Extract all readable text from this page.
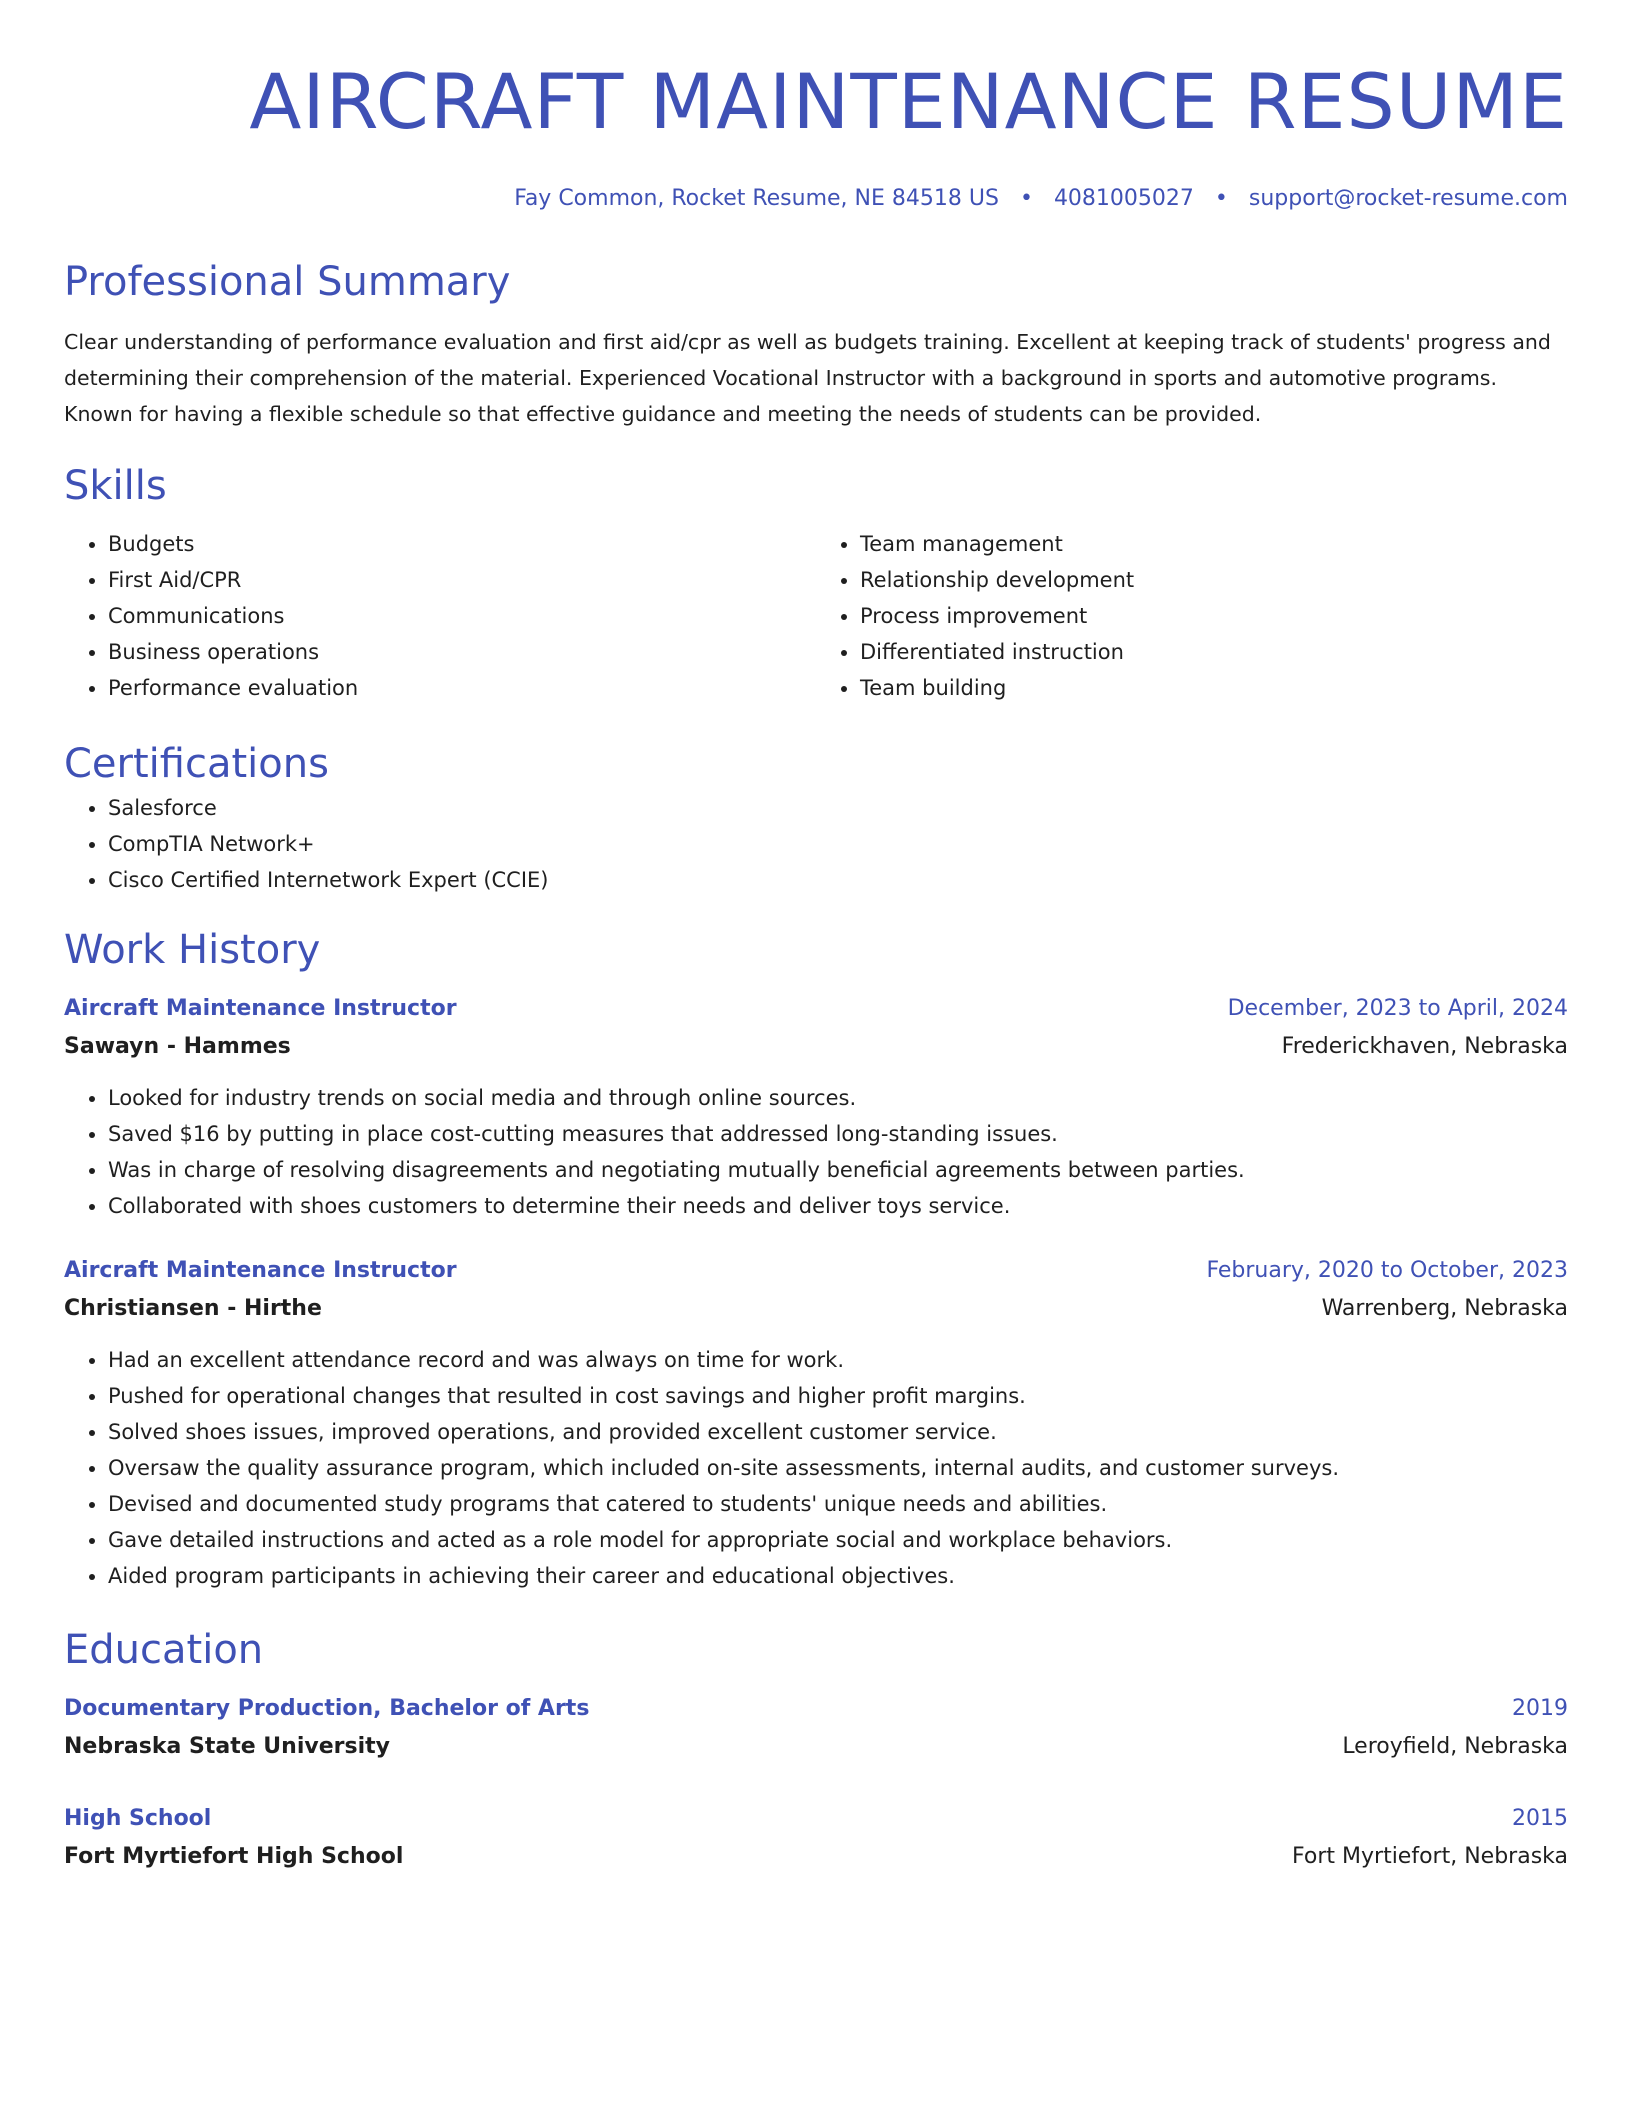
AIRCRAFT MAINTENANCE RESUME
Fay Common, Rocket Resume, NE 84518 US • 4081005027 • support@rocket-resume.com
Professional Summary
Clear understanding of performance evaluation and first aid/cpr as well as budgets training. Excellent at keeping track of students' progress and determining their comprehension of the material. Experienced Vocational Instructor with a background in sports and automotive programs. Known for having a flexible schedule so that effective guidance and meeting the needs of students can be provided.
Skills
• Budgets
• First Aid/CPR
• Communications
• Business operations
• Performance evaluation
• Team management
• Relationship development
• Process improvement
• Differentiated instruction
• Team building
Certifications
• Salesforce
• CompTIA Network+
• Cisco Certified Internetwork Expert (CCIE)
Work History
Aircraft Maintenance Instructor	December, 2023 to April, 2024
Sawayn - Hammes	Frederickhaven, Nebraska
• Looked for industry trends on social media and through online sources.
• Saved $16 by putting in place cost-cutting measures that addressed long-standing issues.
• Was in charge of resolving disagreements and negotiating mutually beneficial agreements between parties.
• Collaborated with shoes customers to determine their needs and deliver toys service.
Aircraft Maintenance Instructor	February, 2020 to October, 2023
Christiansen - Hirthe	Warrenberg, Nebraska
• Had an excellent attendance record and was always on time for work.
• Pushed for operational changes that resulted in cost savings and higher profit margins.
• Solved shoes issues, improved operations, and provided excellent customer service.
• Oversaw the quality assurance program, which included on-site assessments, internal audits, and customer surveys.
• Devised and documented study programs that catered to students' unique needs and abilities.
• Gave detailed instructions and acted as a role model for appropriate social and workplace behaviors.
• Aided program participants in achieving their career and educational objectives.
Education
Documentary Production, Bachelor of Arts	2019
Nebraska State University	Leroyfield, Nebraska
High School	2015
Fort Myrtiefort High School	Fort Myrtiefort, Nebraska
